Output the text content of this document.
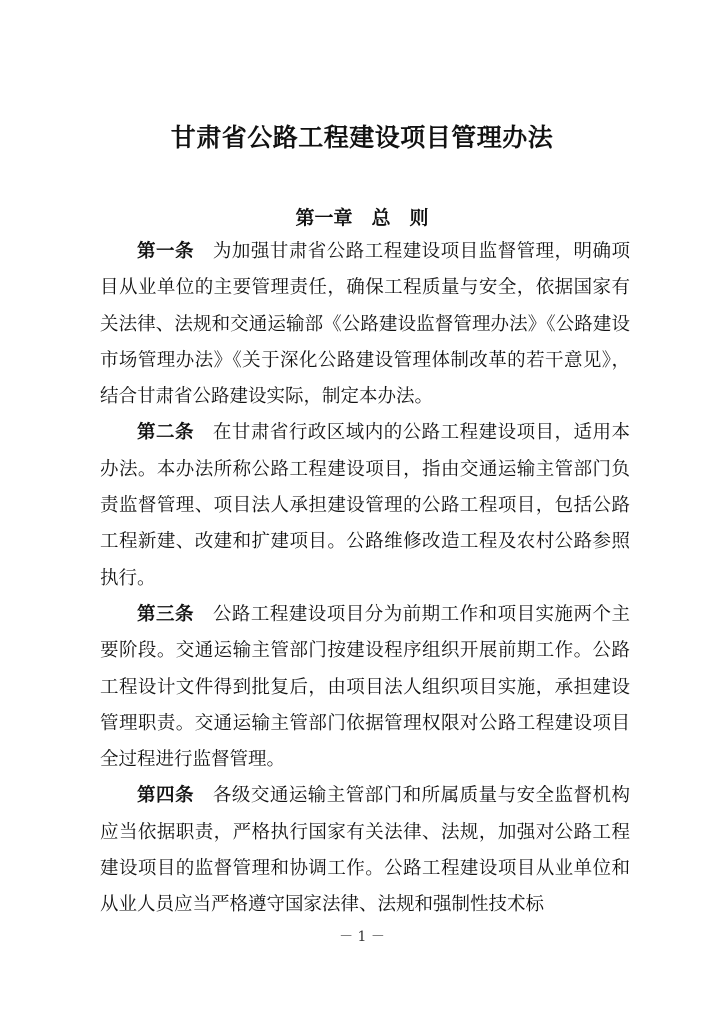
甘肃省公路工程建设项目管理办法
第一章　总　则

第一条  为加强甘肃省公路工程建设项目监督管理，明确项目从业单位的主要管理责任，确保工程质量与安全，依据国家有关法律、法规和交通运输部《公路建设监督管理办法》《公路建设市场管理办法》《关于深化公路建设管理体制改革的若干意见》，结合甘肃省公路建设实际，制定本办法。

第二条  在甘肃省行政区域内的公路工程建设项目，适用本办法。本办法所称公路工程建设项目，指由交通运输主管部门负责监督管理、项目法人承担建设管理的公路工程项目，包括公路工程新建、改建和扩建项目。公路维修改造工程及农村公路参照执行。

第三条  公路工程建设项目分为前期工作和项目实施两个主要阶段。交通运输主管部门按建设程序组织开展前期工作。公路工程设计文件得到批复后，由项目法人组织项目实施，承担建设管理职责。交通运输主管部门依据管理权限对公路工程建设项目全过程进行监督管理。

第四条  各级交通运输主管部门和所属质量与安全监督机构应当依据职责，严格执行国家有关法律、法规，加强对公路工程建设项目的监督管理和协调工作。公路工程建设项目从业单位和从业人员应当严格遵守国家法律、法规和强制性技术标

－ 1 －
